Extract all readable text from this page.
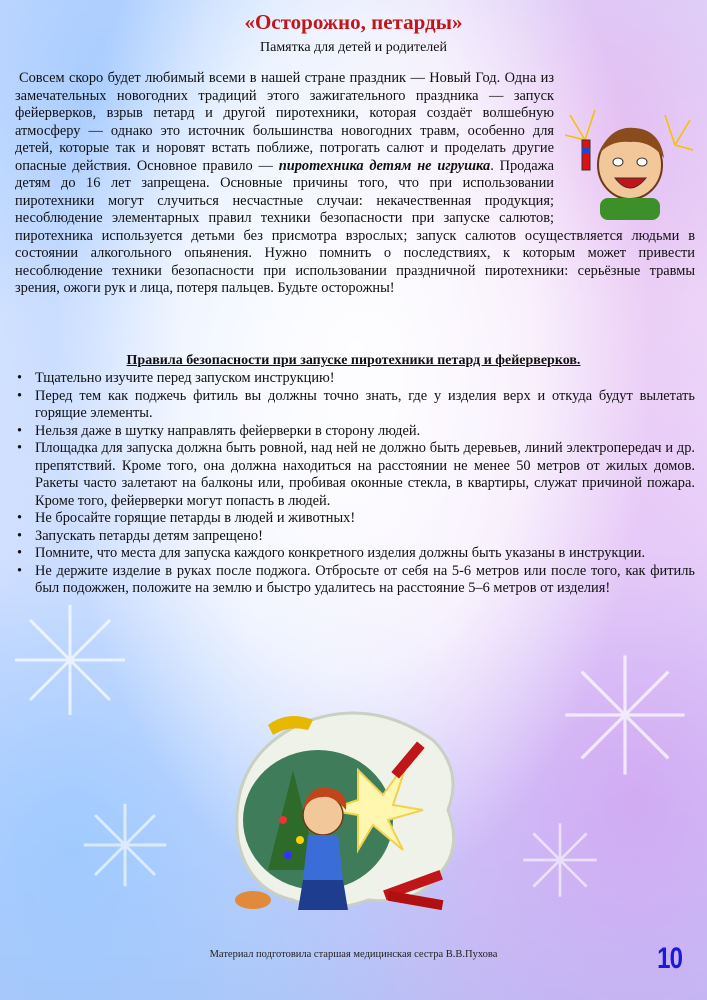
«Осторожно, петарды»
Памятка для детей и родителей

Совсем скоро будет любимый всеми в нашей стране праздник — Новый Год. Одна из замечательных новогодних традиций этого зажигательного праздника — запуск фейерверков, взрыв петард и другой пиротехники, которая создаёт волшебную атмосферу — однако это источник большинства новогодних травм, особенно для детей, которые так и норовят встать поближе, потрогать салют и проделать другие опасные действия. Основное правило — пиротехника детям не игрушка. Продажа детям до 16 лет запрещена. Основные причины того, что при использовании пиротехники могут случиться несчастные случаи: некачественная продукция; несоблюдение элементарных правил техники безопасности при запуске салютов; пиротехника используется детьми без присмотра взрослых; запуск салютов осуществляется людьми в состоянии алкогольного опьянения. Нужно помнить о последствиях, к которым может привести несоблюдение техники безопасности при использовании праздничной пиротехники: серьёзные травмы зрения, ожоги рук и лица, потеря пальцев. Будьте осторожны!

Правила безопасности при запуске пиротехники петард и фейерверков.
• Тщательно изучите перед запуском инструкцию!
• Перед тем как поджечь фитиль вы должны точно знать, где у изделия верх и откуда будут вылетать горящие элементы.
• Нельзя даже в шутку направлять фейерверки в сторону людей.
• Площадка для запуска должна быть ровной, над ней не должно быть деревьев, линий электропередач и др. препятствий. Кроме того, она должна находиться на расстоянии не менее 50 метров от жилых домов. Ракеты часто залетают на балконы или, пробивая оконные стекла, в квартиры, служат причиной пожара. Кроме того, фейерверки могут попасть в людей.
• Не бросайте горящие петарды в людей и животных!
• Запускать петарды детям запрещено!
• Помните, что места для запуска каждого конкретного изделия должны быть указаны в инструкции.
• Не держите изделие в руках после поджога. Отбросьте от себя на 5-6 метров или после того, как фитиль был подожжен, положите на землю и быстро удалитесь на расстояние 5–6 метров от изделия!
Материал подготовила старшая медицинская сестра В.В.Пухова	10
